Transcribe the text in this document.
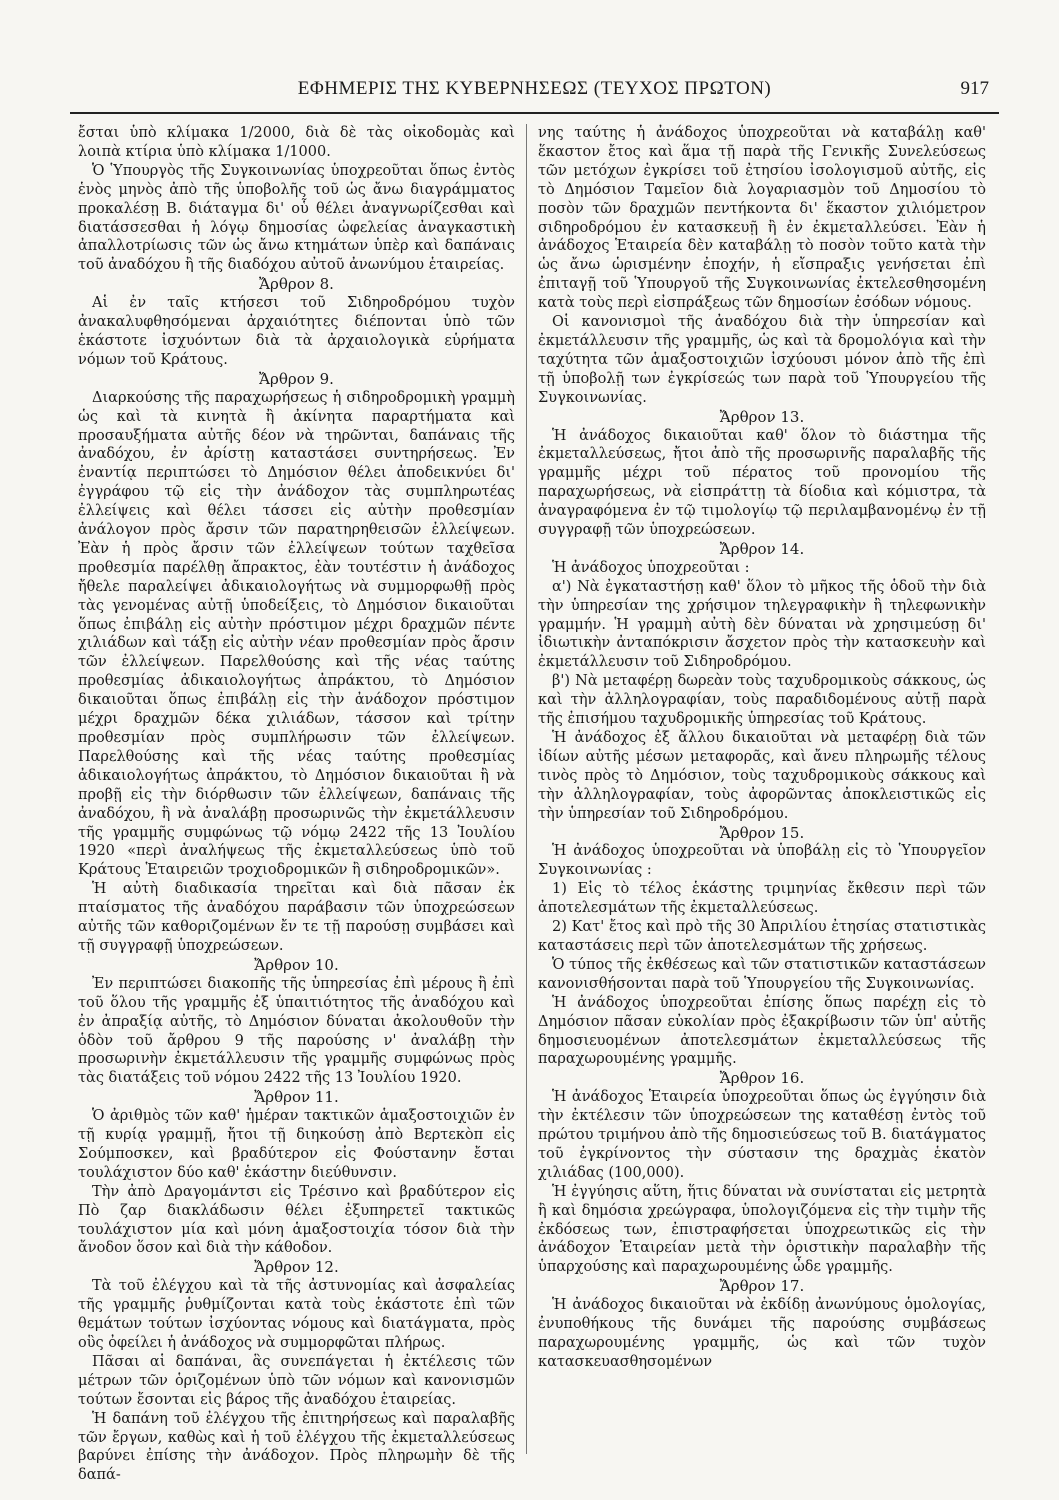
ΕΦΗΜΕΡΙΣ ΤΗΣ ΚΥΒΕΡΝΗΣΕΩΣ (ΤΕΥΧΟΣ ΠΡΩΤΟΝ)	917

ἔσται ὑπὸ κλίμακα 1/2000, διὰ δὲ τὰς οἰκοδομὰς καὶ λοιπὰ κτίρια ὑπὸ κλίμακα 1/1000.

Ὁ Ὑπουργὸς τῆς Συγκοινωνίας ὑποχρεοῦται ὅπως ἐντὸς ἑνὸς μηνὸς ἀπὸ τῆς ὑποβολῆς τοῦ ὡς ἄνω διαγράμματος προκαλέσῃ Β. διάταγμα δι' οὗ θέλει ἀναγνωρίζεσθαι καὶ διατάσσεσθαι ἡ λόγῳ δημοσίας ὠφελείας ἀναγκαστικὴ ἀπαλλοτρίωσις τῶν ὡς ἄνω κτημάτων ὑπὲρ καὶ δαπάναις τοῦ ἀναδόχου ἢ τῆς διαδόχου αὐτοῦ ἀνωνύμου ἑταιρείας.

Ἄρθρον 8.

Αἱ ἐν ταῖς κτήσεσι τοῦ Σιδηροδρόμου τυχὸν ἀνακαλυφθησόμεναι ἀρχαιότητες διέπονται ὑπὸ τῶν ἑκάστοτε ἰσχυόντων διὰ τὰ ἀρχαιολογικὰ εὑρήματα νόμων τοῦ Κράτους.

Ἄρθρον 9.

Διαρκούσης τῆς παραχωρήσεως ἡ σιδηροδρομικὴ γραμμὴ ὡς καὶ τὰ κινητὰ ἢ ἀκίνητα παραρτήματα καὶ προσαυξήματα αὐτῆς δέον νὰ τηρῶνται, δαπάναις τῆς ἀναδόχου, ἐν ἀρίστῃ καταστάσει συντηρήσεως. Ἐν ἐναντίᾳ περιπτώσει τὸ Δημόσιον θέλει ἀποδεικνύει δι' ἐγγράφου τῷ εἰς τὴν ἀνάδοχον τὰς συμπληρωτέας ἐλλείψεις καὶ θέλει τάσσει εἰς αὐτὴν προθεσμίαν ἀνάλογον πρὸς ἄρσιν τῶν παρατηρηθεισῶν ἐλλείψεων. Ἐὰν ἡ πρὸς ἄρσιν τῶν ἐλλείψεων τούτων ταχθεῖσα προθεσμία παρέλθῃ ἄπρακτος, ἐὰν τουτέστιν ἡ ἀνάδοχος ἤθελε παραλείψει ἀδικαιολογήτως νὰ συμμορφωθῇ πρὸς τὰς γενομένας αὐτῇ ὑποδείξεις, τὸ Δημόσιον δικαιοῦται ὅπως ἐπιβάλῃ εἰς αὐτὴν πρόστιμον μέχρι δραχμῶν πέντε χιλιάδων καὶ τάξῃ εἰς αὐτὴν νέαν προθεσμίαν πρὸς ἄρσιν τῶν ἐλλείψεων. Παρελθούσης καὶ τῆς νέας ταύτης προθεσμίας ἀδικαιολογήτως ἀπράκτου, τὸ Δημόσιον δικαιοῦται ὅπως ἐπιβάλῃ εἰς τὴν ἀνάδοχον πρόστιμον μέχρι δραχμῶν δέκα χιλιάδων, τάσσον καὶ τρίτην προθεσμίαν πρὸς συμπλήρωσιν τῶν ἐλλείψεων. Παρελθούσης καὶ τῆς νέας ταύτης προθεσμίας ἀδικαιολογήτως ἀπράκτου, τὸ Δημόσιον δικαιοῦται ἢ νὰ προβῇ εἰς τὴν διόρθωσιν τῶν ἐλλείψεων, δαπάναις τῆς ἀναδόχου, ἢ νὰ ἀναλάβῃ προσωρινῶς τὴν ἐκμετάλλευσιν τῆς γραμμῆς συμφώνως τῷ νόμῳ 2422 τῆς 13 Ἰουλίου 1920 «περὶ ἀναλήψεως τῆς ἐκμεταλλεύσεως ὑπὸ τοῦ Κράτους Ἑταιρειῶν τροχιοδρομικῶν ἢ σιδηροδρομικῶν».

Ἡ αὐτὴ διαδικασία τηρεῖται καὶ διὰ πᾶσαν ἐκ πταίσματος τῆς ἀναδόχου παράβασιν τῶν ὑποχρεώσεων αὐτῆς τῶν καθοριζομένων ἔν τε τῇ παρούσῃ συμβάσει καὶ τῇ συγγραφῇ ὑποχρεώσεων.

Ἄρθρον 10.

Ἐν περιπτώσει διακοπῆς τῆς ὑπηρεσίας ἐπὶ μέρους ἢ ἐπὶ τοῦ ὅλου τῆς γραμμῆς ἐξ ὑπαιτιότητος τῆς ἀναδόχου καὶ ἐν ἀπραξίᾳ αὐτῆς, τὸ Δημόσιον δύναται ἀκολουθοῦν τὴν ὁδὸν τοῦ ἄρθρου 9 τῆς παρούσης ν' ἀναλάβῃ τὴν προσωρινὴν ἐκμετάλλευσιν τῆς γραμμῆς συμφώνως πρὸς τὰς διατάξεις τοῦ νόμου 2422 τῆς 13 Ἰουλίου 1920.

Ἄρθρον 11.

Ὁ ἀριθμὸς τῶν καθ' ἡμέραν τακτικῶν ἁμαξοστοιχιῶν ἐν τῇ κυρίᾳ γραμμῇ, ἤτοι τῇ διηκούσῃ ἀπὸ Βερτεκὸπ εἰς Σούμποσκεν, καὶ βραδύτερον εἰς Φούστανην ἔσται τουλάχιστον δύο καθ' ἑκάστην διεύθυνσιν.

Τὴν ἀπὸ Δραγομάντσι εἰς Τρέσινο καὶ βραδύτερον εἰς Πὸ ζαρ διακλάδωσιν θέλει ἐξυπηρετεῖ τακτικῶς τουλάχιστον μία καὶ μόνη ἁμαξοστοιχία τόσον διὰ τὴν ἄνοδον ὅσον καὶ διὰ τὴν κάθοδον.

Ἄρθρον 12.

Τὰ τοῦ ἐλέγχου καὶ τὰ τῆς ἀστυνομίας καὶ ἀσφαλείας τῆς γραμμῆς ῥυθμίζονται κατὰ τοὺς ἑκάστοτε ἐπὶ τῶν θεμάτων τούτων ἰσχύοντας νόμους καὶ διατάγματα, πρὸς οὓς ὀφείλει ἡ ἀνάδοχος νὰ συμμορφῶται πλήρως.

Πᾶσαι αἱ δαπάναι, ἃς συνεπάγεται ἡ ἐκτέλεσις τῶν μέτρων τῶν ὁριζομένων ὑπὸ τῶν νόμων καὶ κανονισμῶν τούτων ἔσονται εἰς βάρος τῆς ἀναδόχου ἑταιρείας.

Ἡ δαπάνη τοῦ ἐλέγχου τῆς ἐπιτηρήσεως καὶ παραλαβῆς τῶν ἔργων, καθὼς καὶ ἡ τοῦ ἐλέγχου τῆς ἐκμεταλλεύσεως βαρύνει ἐπίσης τὴν ἀνάδοχον. Πρὸς πληρωμὴν δὲ τῆς δαπά-

νης ταύτης ἡ ἀνάδοχος ὑποχρεοῦται νὰ καταβάλῃ καθ' ἕκαστον ἔτος καὶ ἅμα τῇ παρὰ τῆς Γενικῆς Συνελεύσεως τῶν μετόχων ἐγκρίσει τοῦ ἐτησίου ἰσολογισμοῦ αὐτῆς, εἰς τὸ Δημόσιον Ταμεῖον διὰ λογαριασμὸν τοῦ Δημοσίου τὸ ποσὸν τῶν δραχμῶν πεντήκοντα δι' ἕκαστον χιλιόμετρον σιδηροδρόμου ἐν κατασκευῇ ἢ ἐν ἐκμεταλλεύσει. Ἐὰν ἡ ἀνάδοχος Ἑταιρεία δὲν καταβάλῃ τὸ ποσὸν τοῦτο κατὰ τὴν ὡς ἄνω ὡρισμένην ἐποχήν, ἡ εἴσπραξις γενήσεται ἐπὶ ἐπιταγῇ τοῦ Ὑπουργοῦ τῆς Συγκοινωνίας ἐκτελεσθησομένη κατὰ τοὺς περὶ εἰσπράξεως τῶν δημοσίων ἐσόδων νόμους.

Οἱ κανονισμοὶ τῆς ἀναδόχου διὰ τὴν ὑπηρεσίαν καὶ ἐκμετάλλευσιν τῆς γραμμῆς, ὡς καὶ τὰ δρομολόγια καὶ τὴν ταχύτητα τῶν ἁμαξοστοιχιῶν ἰσχύουσι μόνον ἀπὸ τῆς ἐπὶ τῇ ὑποβολῇ των ἐγκρίσεώς των παρὰ τοῦ Ὑπουργείου τῆς Συγκοινωνίας.

Ἄρθρον 13.

Ἡ ἀνάδοχος δικαιοῦται καθ' ὅλον τὸ διάστημα τῆς ἐκμεταλλεύσεως, ἤτοι ἀπὸ τῆς προσωρινῆς παραλαβῆς τῆς γραμμῆς μέχρι τοῦ πέρατος τοῦ προνομίου τῆς παραχωρήσεως, νὰ εἰσπράττῃ τὰ δίοδια καὶ κόμιστρα, τὰ ἀναγραφόμενα ἐν τῷ τιμολογίῳ τῷ περιλαμβανομένῳ ἐν τῇ συγγραφῇ τῶν ὑποχρεώσεων.

Ἄρθρον 14.

Ἡ ἀνάδοχος ὑποχρεοῦται :

α') Νὰ ἐγκαταστήσῃ καθ' ὅλον τὸ μῆκος τῆς ὁδοῦ τὴν διὰ τὴν ὑπηρεσίαν της χρήσιμον τηλεγραφικὴν ἢ τηλεφωνικὴν γραμμήν. Ἡ γραμμὴ αὐτὴ δὲν δύναται νὰ χρησιμεύσῃ δι' ἰδιωτικὴν ἀνταπόκρισιν ἄσχετον πρὸς τὴν κατασκευὴν καὶ ἐκμετάλλευσιν τοῦ Σιδηροδρόμου.

β') Νὰ μεταφέρῃ δωρεὰν τοὺς ταχυδρομικοὺς σάκκους, ὡς καὶ τὴν ἀλληλογραφίαν, τοὺς παραδιδομένους αὐτῇ παρὰ τῆς ἐπισήμου ταχυδρομικῆς ὑπηρεσίας τοῦ Κράτους.

Ἡ ἀνάδοχος ἐξ ἄλλου δικαιοῦται νὰ μεταφέρῃ διὰ τῶν ἰδίων αὐτῆς μέσων μεταφορᾶς, καὶ ἄνευ πληρωμῆς τέλους τινὸς πρὸς τὸ Δημόσιον, τοὺς ταχυδρομικοὺς σάκκους καὶ τὴν ἀλληλογραφίαν, τοὺς ἀφορῶντας ἀποκλειστικῶς εἰς τὴν ὑπηρεσίαν τοῦ Σιδηροδρόμου.

Ἄρθρον 15.

Ἡ ἀνάδοχος ὑποχρεοῦται νὰ ὑποβάλῃ εἰς τὸ Ὑπουργεῖον Συγκοινωνίας :

1) Εἰς τὸ τέλος ἑκάστης τριμηνίας ἔκθεσιν περὶ τῶν ἀποτελεσμάτων τῆς ἐκμεταλλεύσεως.

2) Κατ' ἔτος καὶ πρὸ τῆς 30 Ἀπριλίου ἐτησίας στατιστικὰς καταστάσεις περὶ τῶν ἀποτελεσμάτων τῆς χρήσεως.

Ὁ τύπος τῆς ἐκθέσεως καὶ τῶν στατιστικῶν καταστάσεων κανονισθήσονται παρὰ τοῦ Ὑπουργείου τῆς Συγκοινωνίας.

Ἡ ἀνάδοχος ὑποχρεοῦται ἐπίσης ὅπως παρέχῃ εἰς τὸ Δημόσιον πᾶσαν εὐκολίαν πρὸς ἐξακρίβωσιν τῶν ὑπ' αὐτῆς δημοσιευομένων ἀποτελεσμάτων ἐκμεταλλεύσεως τῆς παραχωρουμένης γραμμῆς.

Ἄρθρον 16.

Ἡ ἀνάδοχος Ἑταιρεία ὑποχρεοῦται ὅπως ὡς ἐγγύησιν διὰ τὴν ἐκτέλεσιν τῶν ὑποχρεώσεων της καταθέσῃ ἐντὸς τοῦ πρώτου τριμήνου ἀπὸ τῆς δημοσιεύσεως τοῦ Β. διατάγματος τοῦ ἐγκρίνοντος τὴν σύστασιν της δραχμὰς ἑκατὸν χιλιάδας (100,000).

Ἡ ἐγγύησις αὕτη, ἥτις δύναται νὰ συνίσταται εἰς μετρητὰ ἢ καὶ δημόσια χρεώγραφα, ὑπολογιζόμενα εἰς τὴν τιμὴν τῆς ἐκδόσεως των, ἐπιστραφήσεται ὑποχρεωτικῶς εἰς τὴν ἀνάδοχον Ἑταιρείαν μετὰ τὴν ὁριστικὴν παραλαβὴν τῆς ὑπαρχούσης καὶ παραχωρουμένης ὧδε γραμμῆς.

Ἄρθρον 17.

Ἡ ἀνάδοχος δικαιοῦται νὰ ἐκδίδῃ ἀνωνύμους ὁμολογίας, ἐνυποθήκους τῆς δυνάμει τῆς παρούσης συμβάσεως παραχωρουμένης γραμμῆς, ὡς καὶ τῶν τυχὸν κατασκευασθησομένων
